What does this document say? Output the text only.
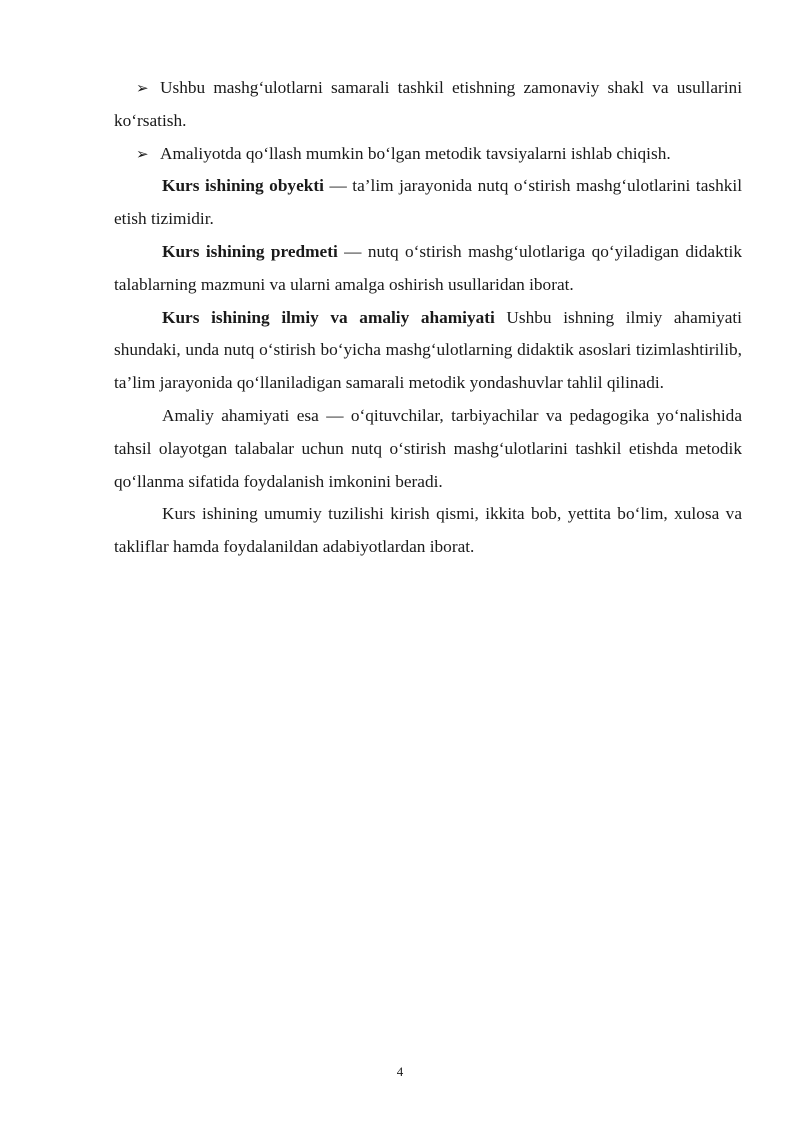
➢ Ushbu mashg‘ulotlarni samarali tashkil etishning zamonaviy shakl va usullarini ko‘rsatish.

➢ Amaliyotda qo‘llash mumkin bo‘lgan metodik tavsiyalarni ishlab chiqish.

Kurs ishining obyekti — ta’lim jarayonida nutq o‘stirish mashg‘ulotlarini tashkil etish tizimidir.

Kurs ishining predmeti — nutq o‘stirish mashg‘ulotlariga qo‘yiladigan didaktik talablarning mazmuni va ularni amalga oshirish usullaridan iborat.

Kurs ishining ilmiy va amaliy ahamiyati Ushbu ishning ilmiy ahamiyati shundaki, unda nutq o‘stirish bo‘yicha mashg‘ulotlarning didaktik asoslari tizimlashtirilib, ta’lim jarayonida qo‘llaniladigan samarali metodik yondashuvlar tahlil qilinadi.

Amaliy ahamiyati esa — o‘qituvchilar, tarbiyachilar va pedagogika yo‘nalishida tahsil olayotgan talabalar uchun nutq o‘stirish mashg‘ulotlarini tashkil etishda metodik qo‘llanma sifatida foydalanish imkonini beradi.

Kurs ishining umumiy tuzilishi kirish qismi, ikkita bob, yettita bo‘lim, xulosa va takliflar hamda foydalanildan adabiyotlardan iborat.

4
